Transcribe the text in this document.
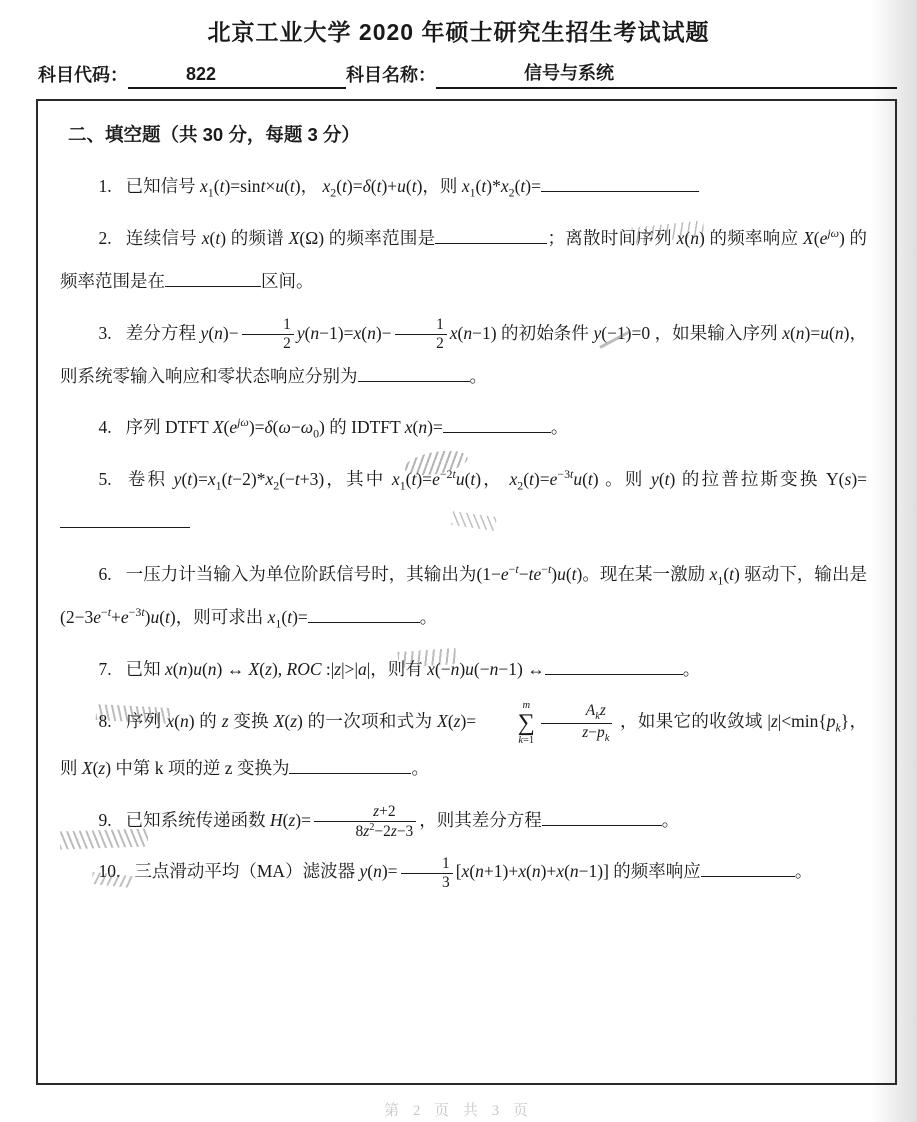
北京工业大学 2020 年硕士研究生招生考试试题
科目代码：	822	科目名称：	信号与系统
二、填空题（共 30 分，每题 3 分）

1. 已知信号 $x_1(t)=\sin t\times u(t)$， $x_2(t)=\delta(t)+u(t)$，则 $x_1(t)*x_2(t)=$

2. 连续信号 x(t) 的频谱 X(Ω) 的频率范围是	；离散时间序列 x(n) 的频率响应 $X(e^{j\omega})$ 的频率范围是在	区间。

3. 差分方程 $y(n)- \frac{1}{2} y(n-1)=x(n)- \frac{1}{2} x(n-1)$ 的初始条件 y(−1)=0 ，如果输入序列 x(n)=u(n)，则系统零输入响应和零状态响应分别为	。

4. 序列 DTFT $X(e^{j\omega})=\delta(\omega-\omega_0)$ 的 IDTFT x(n)=	。

5. 卷积 $y(t)=x_1(t-2)*x_2(-t+3)$，其中 $x_1(t)=e^{-2t}u(t)$， $x_2(t)=e^{-3t}u(t)$ 。则 y(t) 的拉普拉斯变换 Y(s)=

6. 一压力计当输入为单位阶跃信号时，其输出为$(1-e^{-t}-te^{-t})u(t)$。现在某一激励 $x_1(t)$ 驱动下，输出是$(2-3e^{-t}+e^{-3t})u(t)$，则可求出 $x_1(t)=$	。

7. 已知 x(n)u(n) ↔ X(z), ROC :|z|>|a|，则有 x(−n)u(−n−1) ↔	。

8. 序列 x(n) 的 z 变换 X(z) 的一次项和式为 X(z)=
m
∑
$k=1 \frac{A_kz}{z-p_k}$ ，如果它的收敛域 $|z|<\min\{p_k\}$，则 X(z) 中第 k 项的逆 z 变换为	。

9. 已知系统传递函数 $H(z)= \frac{z+2}{8z^2-2z-3}$ ，则其差分方程	。

10. 三点滑动平均（MA）滤波器 $y(n)= \frac{1}{3} [x(n+1)+x(n)+x(n-1)]$ 的频率响应	。

第 2 页 共 3 页
